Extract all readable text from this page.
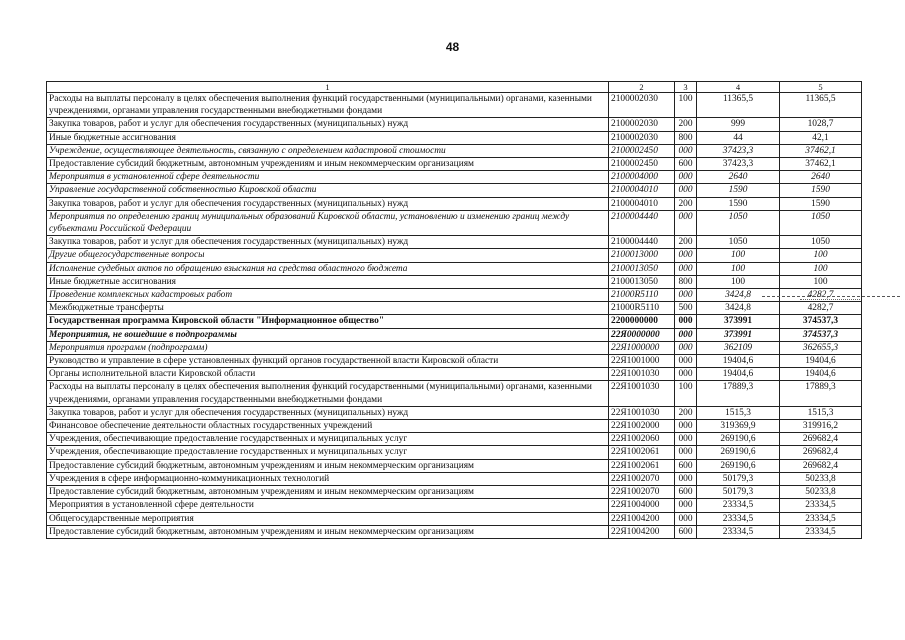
48
1	2	3	4	5
Расходы на выплаты персоналу в целях обеспечения выполнения функций государственными (муниципальными) органами, казенными учреждениями, органами управления государственными внебюджетными фондами	2100002030	100	11365,5	11365,5
Закупка товаров, работ и услуг для обеспечения государственных (муниципальных) нужд	2100002030	200	999	1028,7
Иные бюджетные ассигнования	2100002030	800	44	42,1
Учреждение, осуществляющее деятельность, связанную с определением кадастровой стоимости	2100002450	000	37423,3	37462,1
Предоставление субсидий бюджетным, автономным учреждениям и иным некоммерческим организациям	2100002450	600	37423,3	37462,1
Мероприятия в установленной сфере деятельности	2100004000	000	2640	2640
Управление государственной собственностью Кировской области	2100004010	000	1590	1590
Закупка товаров, работ и услуг для обеспечения государственных (муниципальных) нужд	2100004010	200	1590	1590
Мероприятия по определению границ муниципальных образований Кировской области, установлению и изменению границ между субъектами Российской Федерации	2100004440	000	1050	1050
Закупка товаров, работ и услуг для обеспечения государственных (муниципальных) нужд	2100004440	200	1050	1050
Другие общегосударственные вопросы	2100013000	000	100	100
Исполнение судебных актов по обращению взыскания на средства областного бюджета	2100013050	000	100	100
Иные бюджетные ассигнования	2100013050	800	100	100
Проведение комплексных кадастровых работ	21000R5110	000	3424,8	4282,7
Межбюджетные трансферты	21000R5110	500	3424,8	4282,7
Государственная программа Кировской области "Информационное общество"	2200000000	000	373991	374537,3
Мероприятия, не вошедшие в подпрограммы	22Я0000000	000	373991	374537,3
Мероприятия программ (подпрограмм)	22Я1000000	000	362109	362655,3
Руководство и управление в сфере установленных функций органов государственной власти Кировской области	22Я1001000	000	19404,6	19404,6
Органы исполнительной власти Кировской области	22Я1001030	000	19404,6	19404,6
Расходы на выплаты персоналу в целях обеспечения выполнения функций государственными (муниципальными) органами, казенными учреждениями, органами управления государственными внебюджетными фондами	22Я1001030	100	17889,3	17889,3
Закупка товаров, работ и услуг для обеспечения государственных (муниципальных) нужд	22Я1001030	200	1515,3	1515,3
Финансовое обеспечение деятельности областных государственных учреждений	22Я1002000	000	319369,9	319916,2
Учреждения, обеспечивающие предоставление государственных и муниципальных услуг	22Я1002060	000	269190,6	269682,4
Учреждения, обеспечивающие предоставление государственных и муниципальных услуг	22Я1002061	000	269190,6	269682,4
Предоставление субсидий бюджетным, автономным учреждениям и иным некоммерческим организациям	22Я1002061	600	269190,6	269682,4
Учреждения в сфере информационно-коммуникационных технологий	22Я1002070	000	50179,3	50233,8
Предоставление субсидий бюджетным, автономным учреждениям и иным некоммерческим организациям	22Я1002070	600	50179,3	50233,8
Мероприятия в установленной сфере деятельности	22Я1004000	000	23334,5	23334,5
Общегосударственные мероприятия	22Я1004200	000	23334,5	23334,5
Предоставление субсидий бюджетным, автономным учреждениям и иным некоммерческим организациям	22Я1004200	600	23334,5	23334,5
